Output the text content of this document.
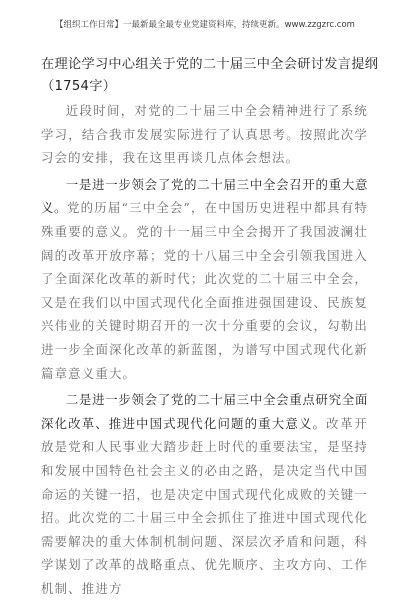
【组织工作日常】一最新最全最专业党建资料库，持续更新。www.zzgzrc.com
在理论学习中心组关于党的二十届三中全会研讨发言提纲
（1754字）

近段时间，对党的二十届三中全会精神进行了系统学习，结合我市发展实际进行了认真思考。按照此次学习会的安排，我在这里再谈几点体会想法。

一是进一步领会了党的二十届三中全会召开的重大意义。党的历届“三中全会”，在中国历史进程中都具有特殊重要的意义。党的十一届三中全会揭开了我国波澜壮阔的改革开放序幕；党的十八届三中全会引领我国进入了全面深化改革的新时代；此次党的二十届三中全会，又是在我们以中国式现代化全面推进强国建设、民族复兴伟业的关键时期召开的一次十分重要的会议，勾勒出进一步全面深化改革的新蓝图，为谱写中国式现代化新篇章意义重大。

二是进一步领会了党的二十届三中全会重点研究全面深化改革、推进中国式现代化问题的重大意义。改革开放是党和人民事业大踏步赶上时代的重要法宝，是坚持和发展中国特色社会主义的必由之路，是决定当代中国命运的关键一招，也是决定中国式现代化成败的关键一招。此次党的二十届三中全会抓住了推进中国式现代化需要解决的重大体制机制问题、深层次矛盾和问题，科学谋划了改革的战略重点、优先顺序、主攻方向、工作机制、推进方
